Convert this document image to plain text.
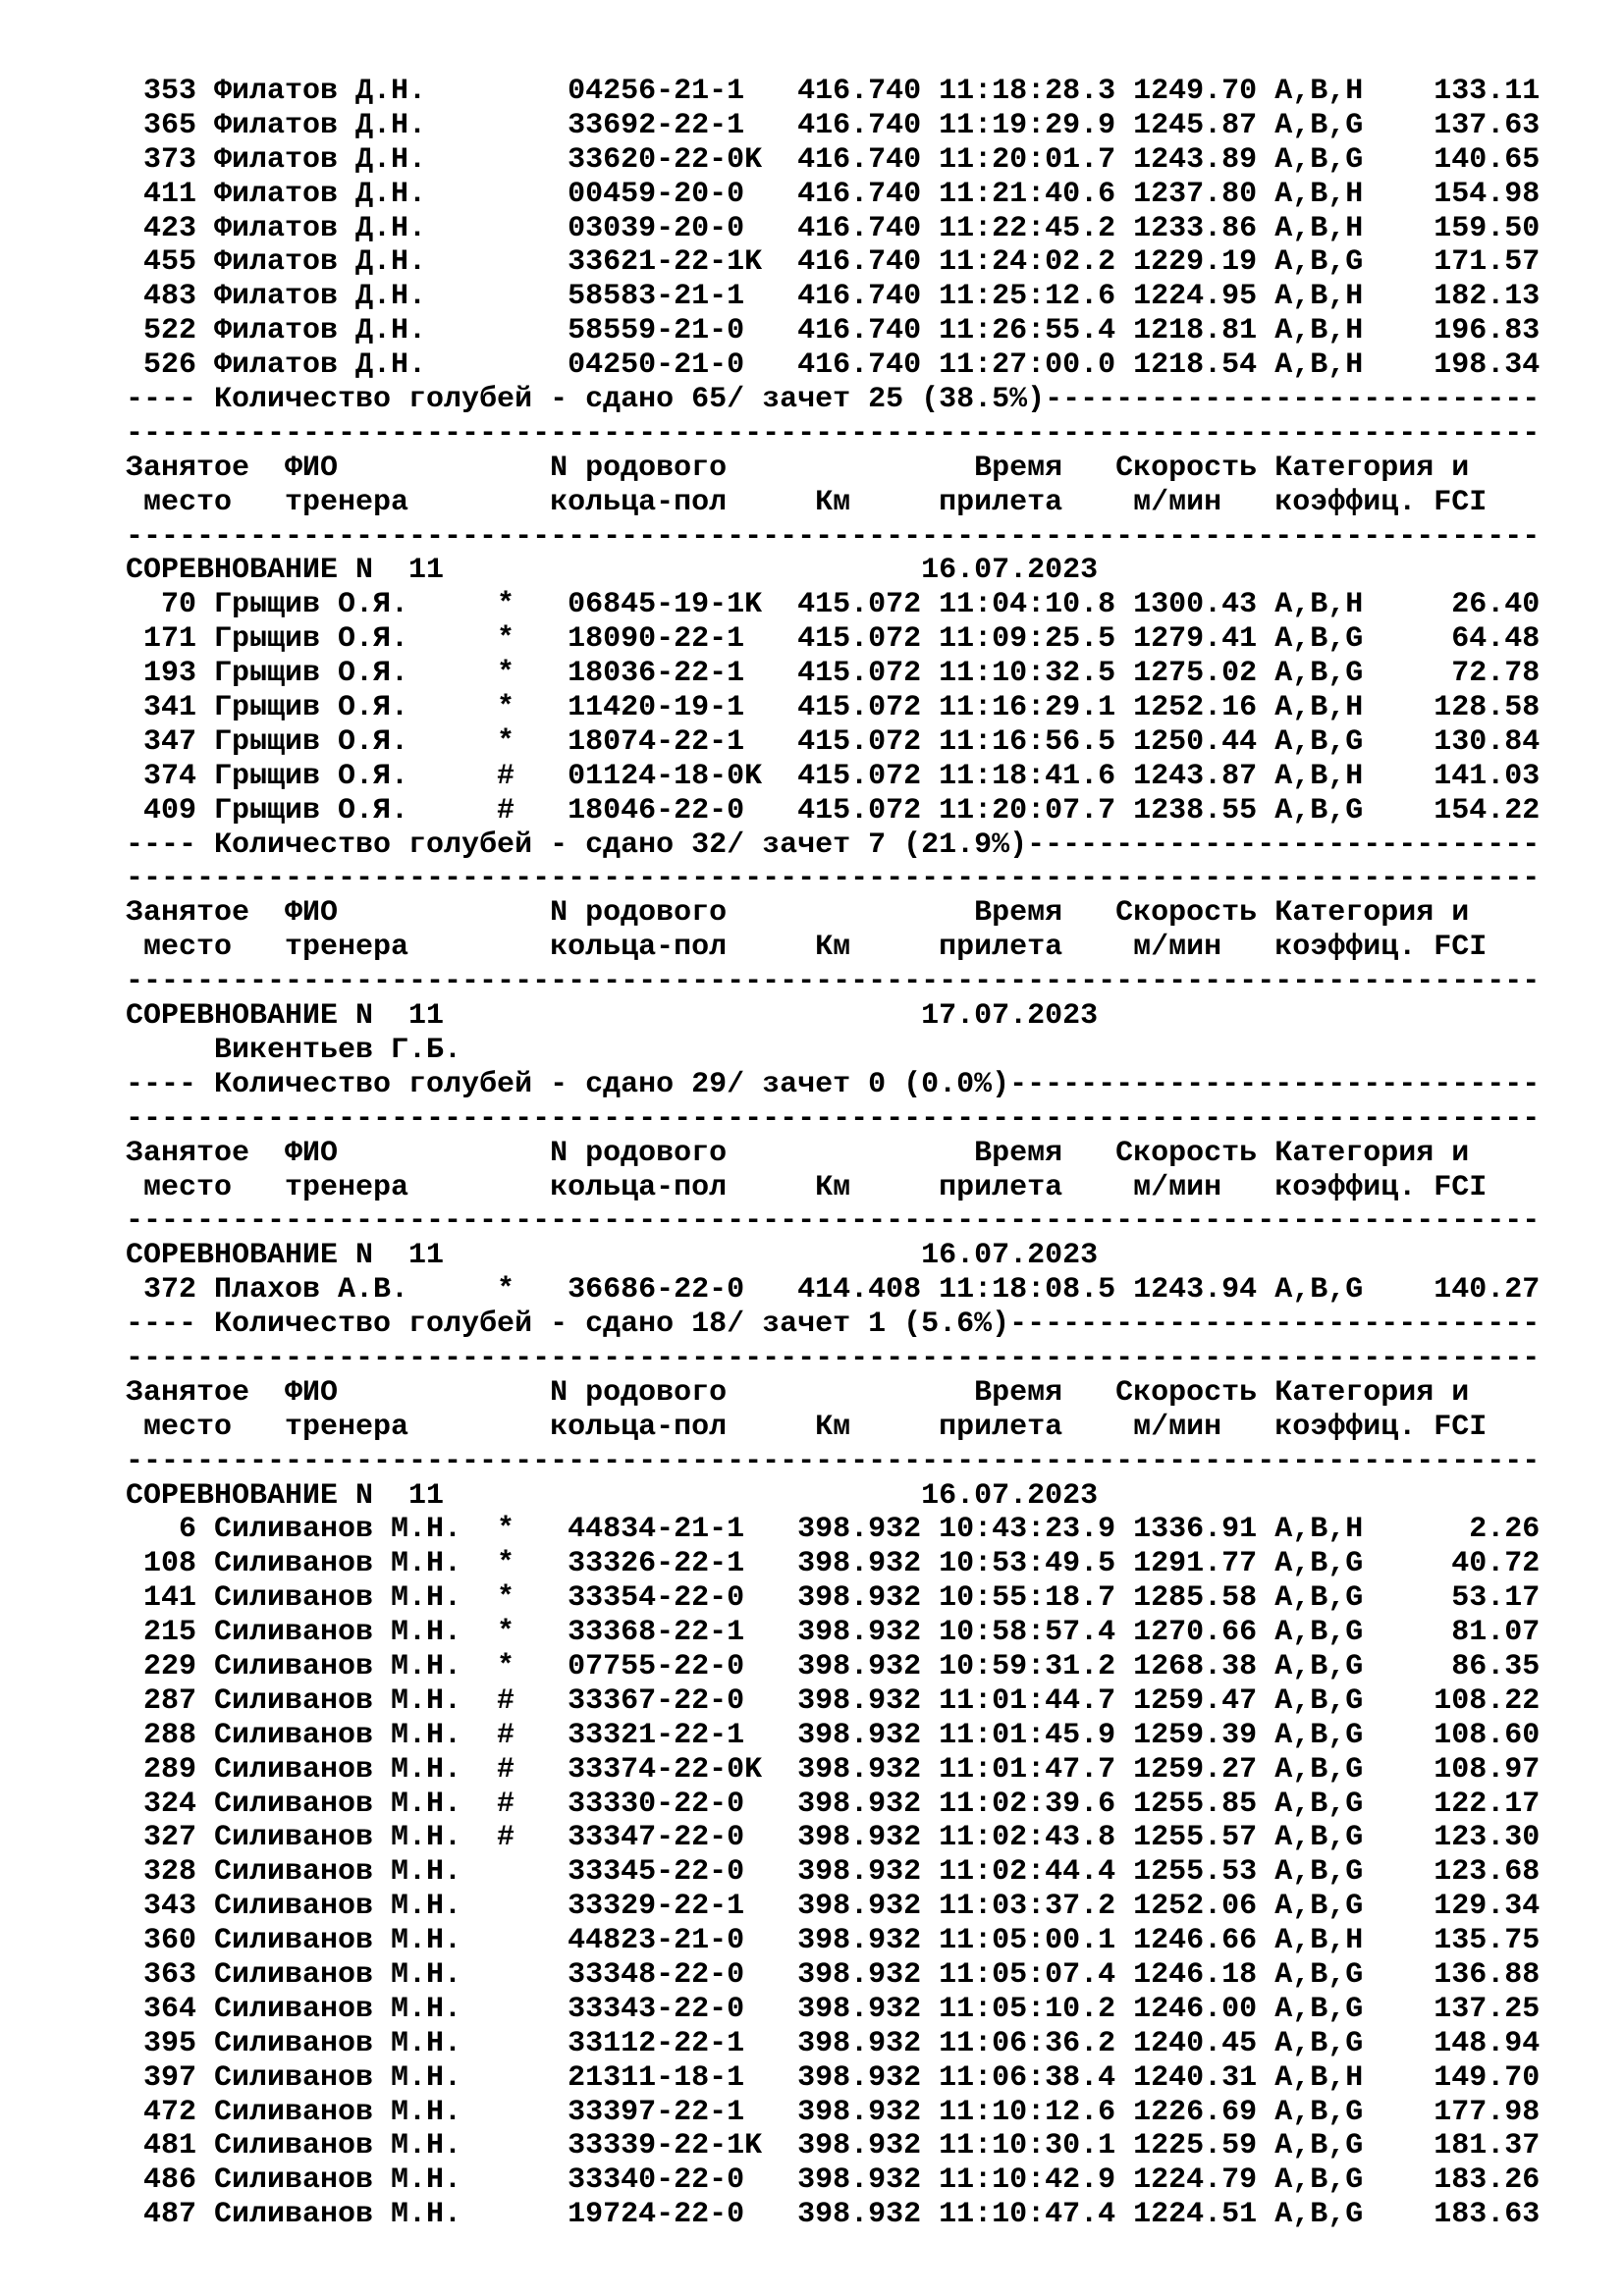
353 Филатов Д.Н.        04256-21-1   416.740 11:18:28.3 1249.70 A,B,H    133.11
365 Филатов Д.Н.        33692-22-1   416.740 11:19:29.9 1245.87 A,B,G    137.63
373 Филатов Д.Н.        33620-22-0K  416.740 11:20:01.7 1243.89 A,B,G    140.65
411 Филатов Д.Н.        00459-20-0   416.740 11:21:40.6 1237.80 A,B,H    154.98
423 Филатов Д.Н.        03039-20-0   416.740 11:22:45.2 1233.86 A,B,H    159.50
455 Филатов Д.Н.        33621-22-1K  416.740 11:24:02.2 1229.19 A,B,G    171.57
483 Филатов Д.Н.        58583-21-1   416.740 11:25:12.6 1224.95 A,B,H    182.13
522 Филатов Д.Н.        58559-21-0   416.740 11:26:55.4 1218.81 A,B,H    196.83
526 Филатов Д.Н.        04250-21-0   416.740 11:27:00.0 1218.54 A,B,H    198.34
---- Количество голубей - сдано 65/ зачет 25 (38.5%)----------------------------
--------------------------------------------------------------------------------
Занятое  ФИО            N родового              Время   Скорость Категория и
место   тренера        кольца-пол     Км     прилета    м/мин   коэффиц. FCI
--------------------------------------------------------------------------------
СОРЕВНОВАНИЕ N  11                           16.07.2023
70 Грыщив О.Я.     *   06845-19-1K  415.072 11:04:10.8 1300.43 A,B,H     26.40
171 Грыщив О.Я.     *   18090-22-1   415.072 11:09:25.5 1279.41 A,B,G     64.48
193 Грыщив О.Я.     *   18036-22-1   415.072 11:10:32.5 1275.02 A,B,G     72.78
341 Грыщив О.Я.     *   11420-19-1   415.072 11:16:29.1 1252.16 A,B,H    128.58
347 Грыщив О.Я.     *   18074-22-1   415.072 11:16:56.5 1250.44 A,B,G    130.84
374 Грыщив О.Я.     #   01124-18-0K  415.072 11:18:41.6 1243.87 A,B,H    141.03
409 Грыщив О.Я.     #   18046-22-0   415.072 11:20:07.7 1238.55 A,B,G    154.22
---- Количество голубей - сдано 32/ зачет 7 (21.9%)-----------------------------
--------------------------------------------------------------------------------
Занятое  ФИО            N родового              Время   Скорость Категория и
место   тренера        кольца-пол     Км     прилета    м/мин   коэффиц. FCI
--------------------------------------------------------------------------------
СОРЕВНОВАНИЕ N  11                           17.07.2023
Викентьев Г.Б.
---- Количество голубей - сдано 29/ зачет 0 (0.0%)------------------------------
--------------------------------------------------------------------------------
Занятое  ФИО            N родового              Время   Скорость Категория и
место   тренера        кольца-пол     Км     прилета    м/мин   коэффиц. FCI
--------------------------------------------------------------------------------
СОРЕВНОВАНИЕ N  11                           16.07.2023
372 Плахов А.В.     *   36686-22-0   414.408 11:18:08.5 1243.94 A,B,G    140.27
---- Количество голубей - сдано 18/ зачет 1 (5.6%)------------------------------
--------------------------------------------------------------------------------
Занятое  ФИО            N родового              Время   Скорость Категория и
место   тренера        кольца-пол     Км     прилета    м/мин   коэффиц. FCI
--------------------------------------------------------------------------------
СОРЕВНОВАНИЕ N  11                           16.07.2023
6 Силиванов М.Н.  *   44834-21-1   398.932 10:43:23.9 1336.91 A,B,H      2.26
108 Силиванов М.Н.  *   33326-22-1   398.932 10:53:49.5 1291.77 A,B,G     40.72
141 Силиванов М.Н.  *   33354-22-0   398.932 10:55:18.7 1285.58 A,B,G     53.17
215 Силиванов М.Н.  *   33368-22-1   398.932 10:58:57.4 1270.66 A,B,G     81.07
229 Силиванов М.Н.  *   07755-22-0   398.932 10:59:31.2 1268.38 A,B,G     86.35
287 Силиванов М.Н.  #   33367-22-0   398.932 11:01:44.7 1259.47 A,B,G    108.22
288 Силиванов М.Н.  #   33321-22-1   398.932 11:01:45.9 1259.39 A,B,G    108.60
289 Силиванов М.Н.  #   33374-22-0K  398.932 11:01:47.7 1259.27 A,B,G    108.97
324 Силиванов М.Н.  #   33330-22-0   398.932 11:02:39.6 1255.85 A,B,G    122.17
327 Силиванов М.Н.  #   33347-22-0   398.932 11:02:43.8 1255.57 A,B,G    123.30
328 Силиванов М.Н.      33345-22-0   398.932 11:02:44.4 1255.53 A,B,G    123.68
343 Силиванов М.Н.      33329-22-1   398.932 11:03:37.2 1252.06 A,B,G    129.34
360 Силиванов М.Н.      44823-21-0   398.932 11:05:00.1 1246.66 A,B,H    135.75
363 Силиванов М.Н.      33348-22-0   398.932 11:05:07.4 1246.18 A,B,G    136.88
364 Силиванов М.Н.      33343-22-0   398.932 11:05:10.2 1246.00 A,B,G    137.25
395 Силиванов М.Н.      33112-22-1   398.932 11:06:36.2 1240.45 A,B,G    148.94
397 Силиванов М.Н.      21311-18-1   398.932 11:06:38.4 1240.31 A,B,H    149.70
472 Силиванов М.Н.      33397-22-1   398.932 11:10:12.6 1226.69 A,B,G    177.98
481 Силиванов М.Н.      33339-22-1K  398.932 11:10:30.1 1225.59 A,B,G    181.37
486 Силиванов М.Н.      33340-22-0   398.932 11:10:42.9 1224.79 A,B,G    183.26
487 Силиванов М.Н.      19724-22-0   398.932 11:10:47.4 1224.51 A,B,G    183.63
